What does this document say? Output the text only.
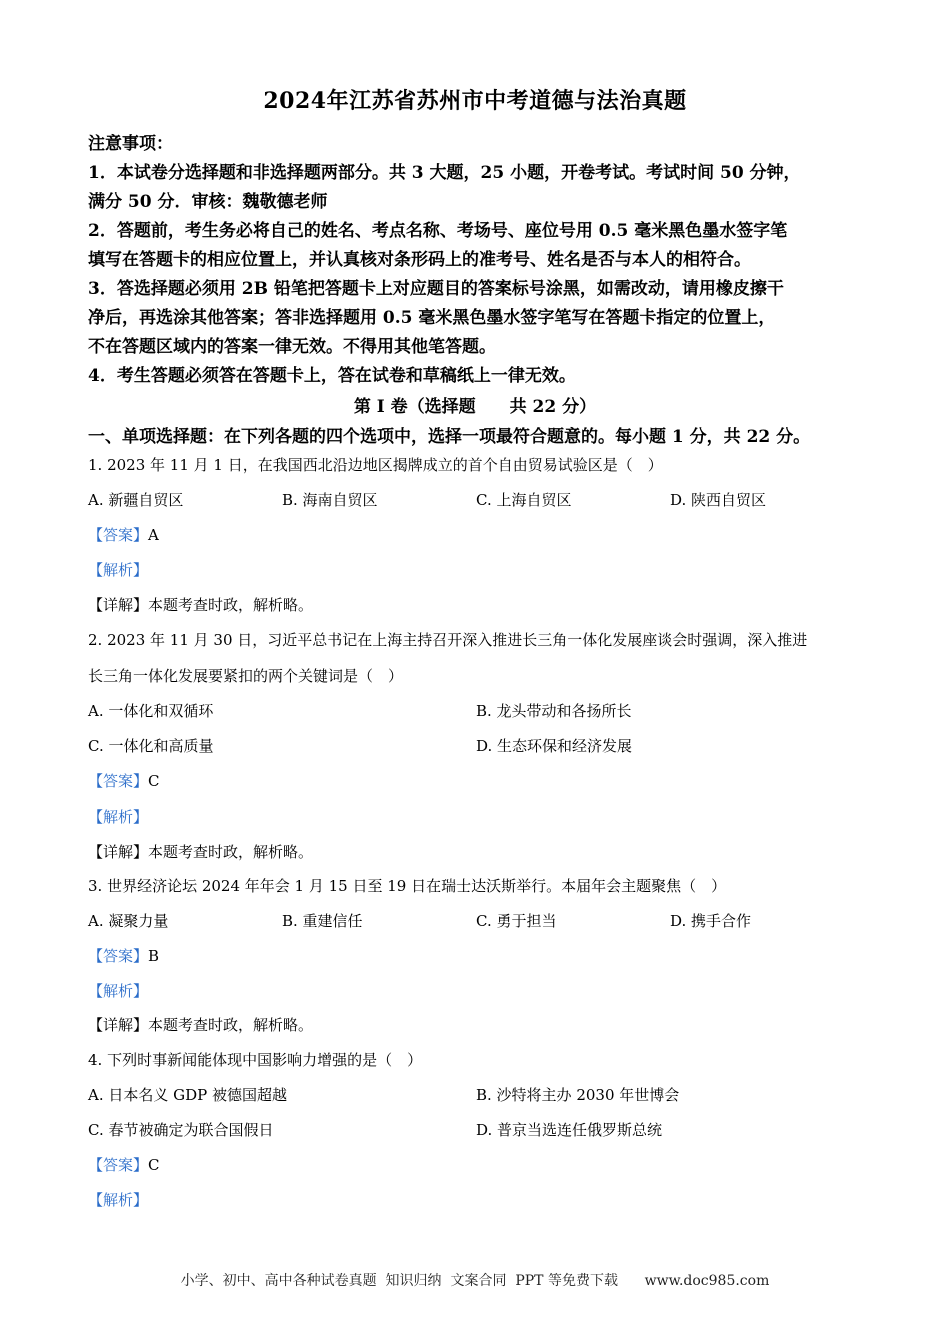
2024年江苏省苏州市中考道德与法治真题
注意事项：
1．本试卷分选择题和非选择题两部分。共 3 大题，25 小题，开卷考试。考试时间 50 分钟，
满分 50 分．审核：魏敬德老师
2．答题前，考生务必将自己的姓名、考点名称、考场号、座位号用 0.5 毫米黑色墨水签字笔
填写在答题卡的相应位置上，并认真核对条形码上的准考号、姓名是否与本人的相符合。
3．答选择题必须用 2B 铅笔把答题卡上对应题目的答案标号涂黑，如需改动，请用橡皮擦干
净后，再选涂其他答案；答非选择题用 0.5 毫米黑色墨水签字笔写在答题卡指定的位置上，
不在答题区域内的答案一律无效。不得用其他笔答题。
4．考生答题必须答在答题卡上，答在试卷和草稿纸上一律无效。
第 I 卷（选择题　　共 22 分）
一、单项选择题：在下列各题的四个选项中，选择一项最符合题意的。每小题 1 分，共 22 分。
1. 2023 年 11 月 1 日，在我国西北沿边地区揭牌成立的首个自由贸易试验区是（　）
A. 新疆自贸区	B. 海南自贸区	C. 上海自贸区	D. 陕西自贸区
【答案】A
【解析】
【详解】本题考查时政，解析略。
2. 2023 年 11 月 30 日，习近平总书记在上海主持召开深入推进长三角一体化发展座谈会时强调，深入推进
长三角一体化发展要紧扣的两个关键词是（　）
A. 一体化和双循环	B. 龙头带动和各扬所长
C. 一体化和高质量	D. 生态环保和经济发展
【答案】C
【解析】
【详解】本题考查时政，解析略。
3. 世界经济论坛 2024 年年会 1 月 15 日至 19 日在瑞士达沃斯举行。本届年会主题聚焦（　）
A. 凝聚力量	B. 重建信任	C. 勇于担当	D. 携手合作
【答案】B
【解析】
【详解】本题考查时政，解析略。
4. 下列时事新闻能体现中国影响力增强的是（　）
A. 日本名义 GDP 被德国超越	B. 沙特将主办 2030 年世博会
C. 春节被确定为联合国假日	D. 普京当选连任俄罗斯总统
【答案】C
【解析】
小学、初中、高中各种试卷真题  知识归纳  文案合同  PPT 等免费下载      www.doc985.com
